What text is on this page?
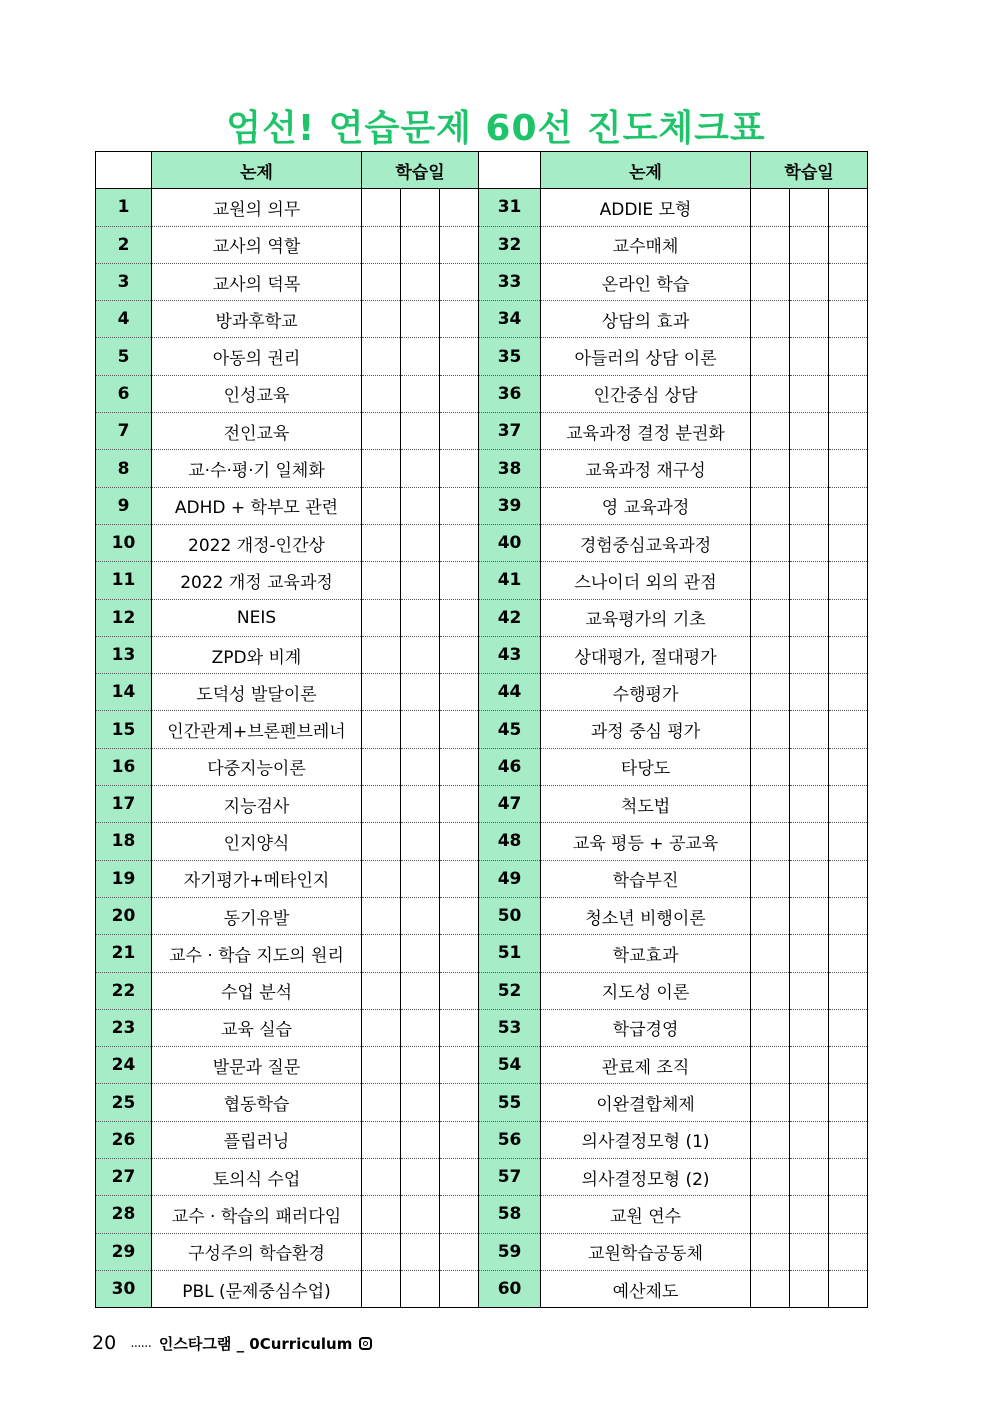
엄선! 연습문제 60선 진도체크표
	논제	학습일				논제	학습일		
1	교원의 의무				31	ADDIE 모형			
2	교사의 역할				32	교수매체			
3	교사의 덕목				33	온라인 학습			
4	방과후학교				34	상담의 효과			
5	아동의 권리				35	아들러의 상담 이론			
6	인성교육				36	인간중심 상담			
7	전인교육				37	교육과정 결정 분권화			
8	교·수·평·기 일체화				38	교육과정 재구성			
9	ADHD + 학부모 관련				39	영 교육과정			
10	2022 개정-인간상				40	경험중심교육과정			
11	2022 개정 교육과정				41	스나이더 외의 관점			
12	NEIS				42	교육평가의 기초			
13	ZPD와 비계				43	상대평가, 절대평가			
14	도덕성 발달이론				44	수행평가			
15	인간관계+브론펜브레너				45	과정 중심 평가			
16	다중지능이론				46	타당도			
17	지능검사				47	척도법			
18	인지양식				48	교육 평등 + 공교육			
19	자기평가+메타인지				49	학습부진			
20	동기유발				50	청소년 비행이론			
21	교수 · 학습 지도의 원리				51	학교효과			
22	수업 분석				52	지도성 이론			
23	교육 실습				53	학급경영			
24	발문과 질문				54	관료제 조직			
25	협동학습				55	이완결합체제			
26	플립러닝				56	의사결정모형 (1)			
27	토의식 수업				57	의사결정모형 (2)			
28	교수 · 학습의 패러다임				58	교원 연수			
29	구성주의 학습환경				59	교원학습공동체			
30	PBL (문제중심수업)				60	예산제도			
20 ...... 인스타그램 _ 0Curriculum
